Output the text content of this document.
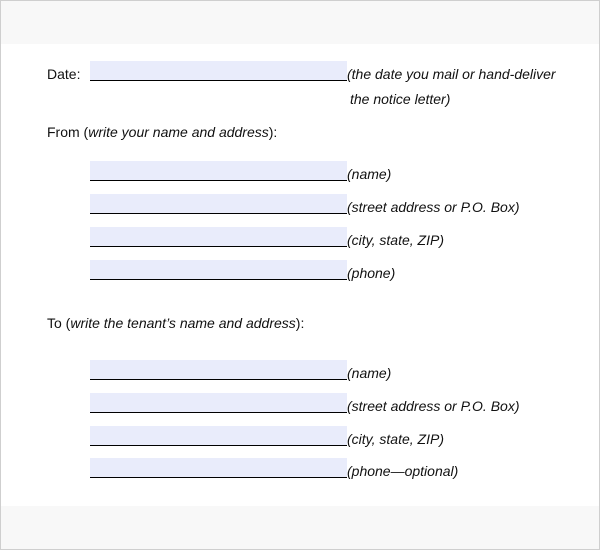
Date:	(the date you mail or hand-deliver
the notice letter)
From (write your name and address):
(name)
(street address or P.O. Box)
(city, state, ZIP)
(phone)
To (write the tenant’s name and address):
(name)
(street address or P.O. Box)
(city, state, ZIP)
(phone—optional)
